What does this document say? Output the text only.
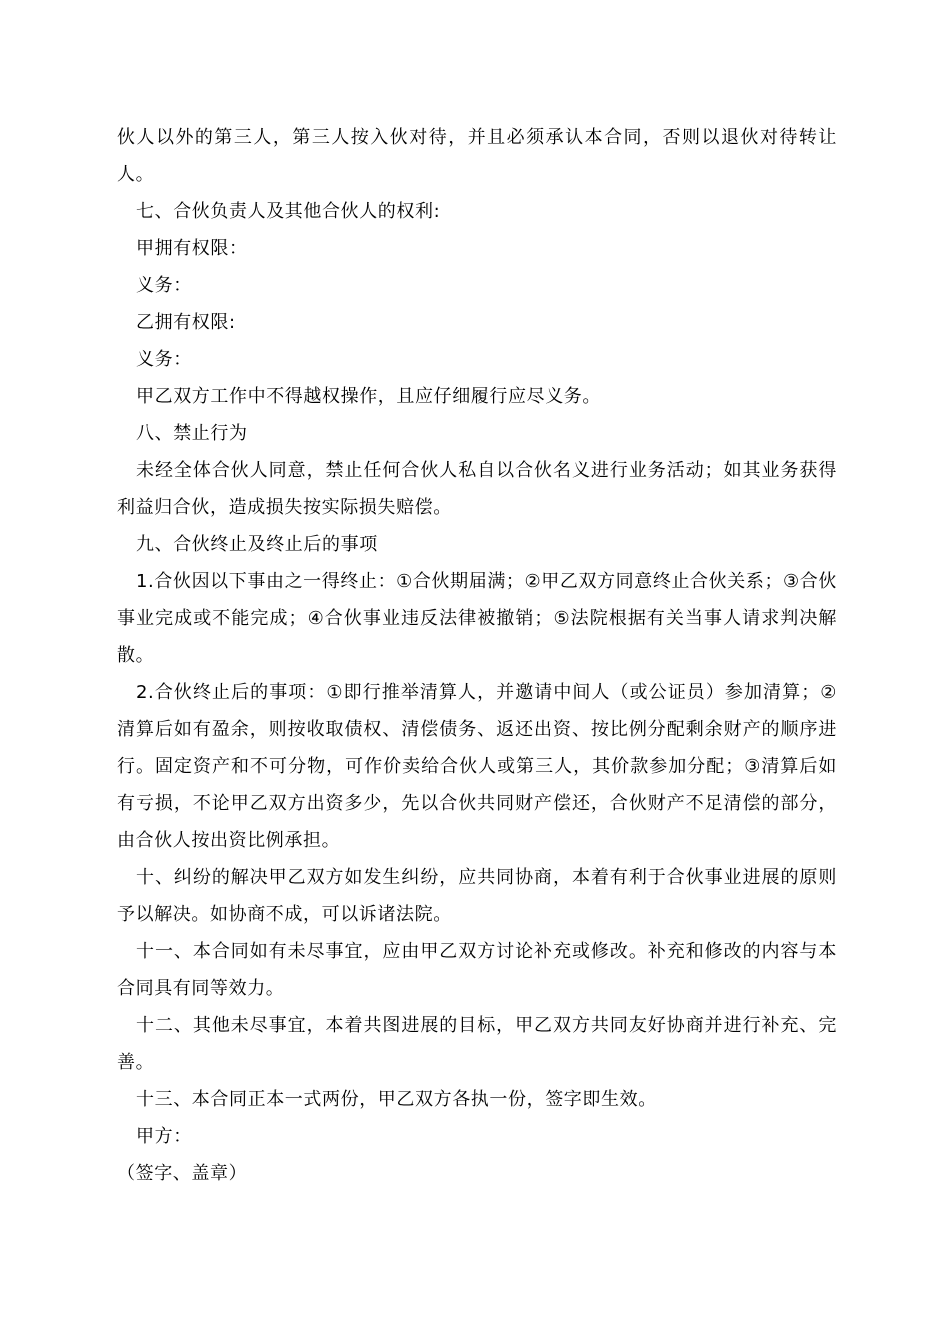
伙人以外的第三人，第三人按入伙对待，并且必须承认本合同，否则以退伙对待转让人。

七、合伙负责人及其他合伙人的权利:

甲拥有权限：

义务：

乙拥有权限:

义务：

甲乙双方工作中不得越权操作，且应仔细履行应尽义务。

八、禁止行为

未经全体合伙人同意，禁止任何合伙人私自以合伙名义进行业务活动；如其业务获得利益归合伙，造成损失按实际损失赔偿。

九、合伙终止及终止后的事项

1.合伙因以下事由之一得终止：①合伙期届满；②甲乙双方同意终止合伙关系；③合伙事业完成或不能完成；④合伙事业违反法律被撤销；⑤法院根据有关当事人请求判决解散。

2.合伙终止后的事项：①即行推举清算人，并邀请中间人（或公证员）参加清算；②清算后如有盈余，则按收取债权、清偿债务、返还出资、按比例分配剩余财产的顺序进行。固定资产和不可分物，可作价卖给合伙人或第三人，其价款参加分配；③清算后如有亏损，不论甲乙双方出资多少，先以合伙共同财产偿还，合伙财产不足清偿的部分，由合伙人按出资比例承担。

十、纠纷的解决甲乙双方如发生纠纷，应共同协商，本着有利于合伙事业进展的原则予以解决。如协商不成，可以诉诸法院。

十一、本合同如有未尽事宜，应由甲乙双方讨论补充或修改。补充和修改的内容与本合同具有同等效力。

十二、其他未尽事宜，本着共图进展的目标，甲乙双方共同友好协商并进行补充、完善。

十三、本合同正本一式两份，甲乙双方各执一份，签字即生效。

甲方：

（签字、盖章）
